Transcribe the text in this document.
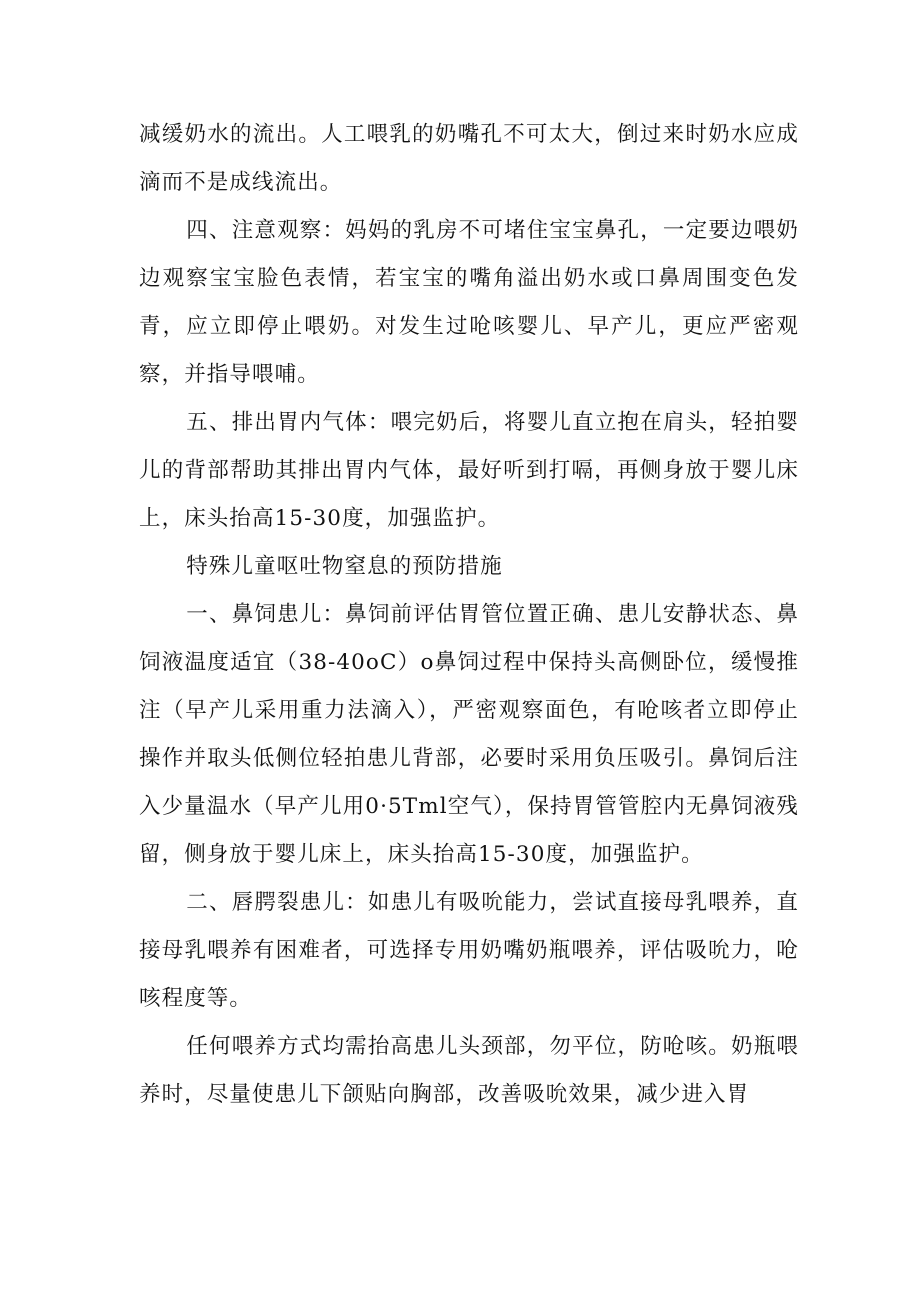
减缓奶水的流出。人工喂乳的奶嘴孔不可太大，倒过来时奶水应成滴而不是成线流出。

四、注意观察：妈妈的乳房不可堵住宝宝鼻孔，一定要边喂奶边观察宝宝脸色表情，若宝宝的嘴角溢出奶水或口鼻周围变色发青，应立即停止喂奶。对发生过呛咳婴儿、早产儿，更应严密观察，并指导喂哺。

五、排出胃内气体：喂完奶后，将婴儿直立抱在肩头，轻拍婴儿的背部帮助其排出胃内气体，最好听到打嗝，再侧身放于婴儿床上，床头抬高15-30度，加强监护。

特殊儿童呕吐物窒息的预防措施

一、鼻饲患儿：鼻饲前评估胃管位置正确、患儿安静状态、鼻饲液温度适宜（38-40oC）o鼻饲过程中保持头高侧卧位，缓慢推注（早产儿采用重力法滴入），严密观察面色，有呛咳者立即停止操作并取头低侧位轻拍患儿背部，必要时采用负压吸引。鼻饲后注入少量温水（早产儿用0·5Tml空气），保持胃管管腔内无鼻饲液残留，侧身放于婴儿床上，床头抬高15-30度，加强监护。

二、唇腭裂患儿：如患儿有吸吮能力，尝试直接母乳喂养，直接母乳喂养有困难者，可选择专用奶嘴奶瓶喂养，评估吸吮力，呛咳程度等。

任何喂养方式均需抬高患儿头颈部，勿平位，防呛咳。奶瓶喂养时，尽量使患儿下颌贴向胸部，改善吸吮效果，减少进入胃
